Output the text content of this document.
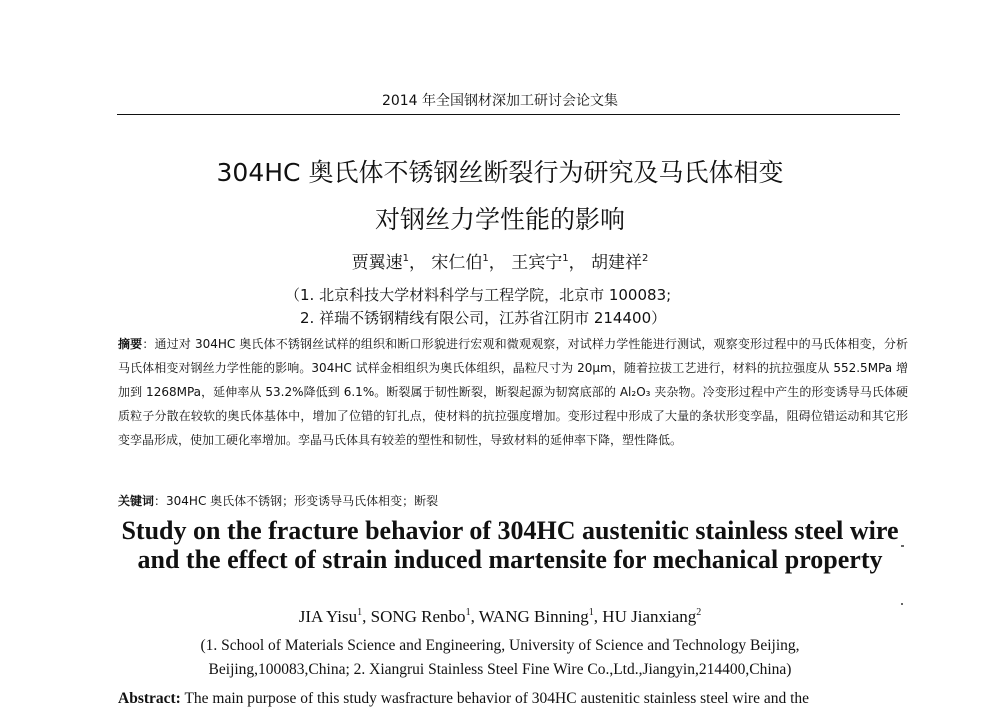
2014 年全国钢材深加工研讨会论文集
304HC 奥氏体不锈钢丝断裂行为研究及马氏体相变
对钢丝力学性能的影响
贾翼速$^1$， 宋仁伯$^1$， 王宾宁$^1$， 胡建祥$^2$
（1. 北京科技大学材料科学与工程学院，北京市 100083;
2. 祥瑞不锈钢精线有限公司，江苏省江阴市 214400）
摘要：通过对 304HC 奥氏体不锈钢丝试样的组织和断口形貌进行宏观和微观观察，对试样力学性能进行测试，观察变形过程中的马氏体相变，分析马氏体相变对钢丝力学性能的影响。304HC 试样金相组织为奥氏体组织，晶粒尺寸为 20μm，随着拉拔工艺进行，材料的抗拉强度从 552.5MPa 增加到 1268MPa，延伸率从 53.2%降低到 6.1%。断裂属于韧性断裂，断裂起源为韧窝底部的 Al₂O₃ 夹杂物。冷变形过程中产生的形变诱导马氏体硬质粒子分散在较软的奥氏体基体中，增加了位错的钉扎点，使材料的抗拉强度增加。变形过程中形成了大量的条状形变孪晶，阻碍位错运动和其它形变孪晶形成，使加工硬化率增加。孪晶马氏体具有较差的塑性和韧性，导致材料的延伸率下降，塑性降低。
关键词：304HC 奥氏体不锈钢；形变诱导马氏体相变；断裂
Study on the fracture behavior of 304HC austenitic stainless steel wire and the effect of strain induced martensite for mechanical property
JIA Yisu$^1$, SONG Renbo$^1$, WANG Binning$^1$, HU Jianxiang$^2$
(1. School of Materials Science and Engineering, University of Science and Technology Beijing,
Beijing,100083,China; 2. Xiangrui Stainless Steel Fine Wire Co.,Ltd.,Jiangyin,214400,China)
Abstract: The main purpose of this study wasfracture behavior of 304HC austenitic stainless steel wire and the
